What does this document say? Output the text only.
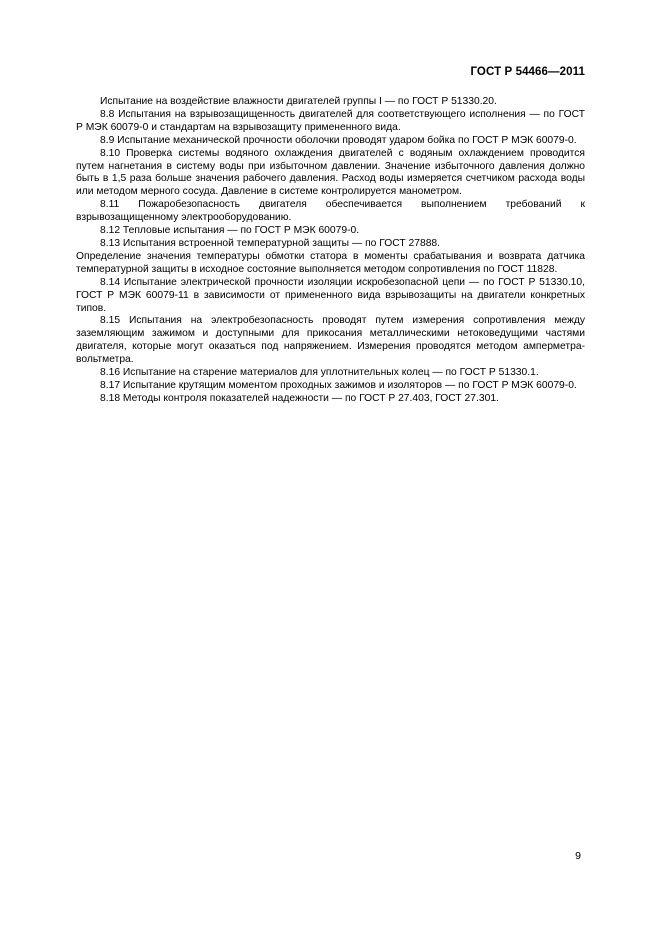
ГОСТ Р 54466—2011

Испытание на воздействие влажности двигателей группы I — по ГОСТ Р 51330.20.

8.8 Испытания на взрывозащищенность двигателей для соответствующего исполнения — по ГОСТ Р МЭК 60079-0 и стандартам на взрывозащиту примененного вида.

8.9 Испытание механической прочности оболочки проводят ударом бойка по ГОСТ Р МЭК 60079-0.

8.10 Проверка системы водяного охлаждения двигателей с водяным охлаждением проводится путем нагнетания в систему воды при избыточном давлении. Значение избыточного давления должно быть в 1,5 раза больше значения рабочего давления. Расход воды измеряется счетчиком расхода воды или методом мерного сосуда. Давление в системе контролируется манометром.

8.11 Пожаробезопасность двигателя обеспечивается выполнением требований к взрывозащищенному электрооборудованию.

8.12 Тепловые испытания — по ГОСТ Р МЭК 60079-0.

8.13 Испытания встроенной температурной защиты — по ГОСТ 27888.

Определение значения температуры обмотки статора в моменты срабатывания и возврата датчика температурной защиты в исходное состояние выполняется методом сопротивления по ГОСТ 11828.

8.14 Испытание электрической прочности изоляции искробезопасной цепи — по ГОСТ Р 51330.10, ГОСТ Р МЭК 60079-11 в зависимости от примененного вида взрывозащиты на двигатели конкретных типов.

8.15 Испытания на электробезопасность проводят путем измерения сопротивления между заземляющим зажимом и доступными для прикосания металлическими нетоковедущими частями двигателя, которые могут оказаться под напряжением. Измерения проводятся методом амперметра-вольтметра.

8.16 Испытание на старение материалов для уплотнительных колец — по ГОСТ Р 51330.1.

8.17 Испытание крутящим моментом проходных зажимов и изоляторов — по ГОСТ Р МЭК 60079-0.

8.18 Методы контроля показателей надежности — по ГОСТ Р 27.403, ГОСТ 27.301.

9
